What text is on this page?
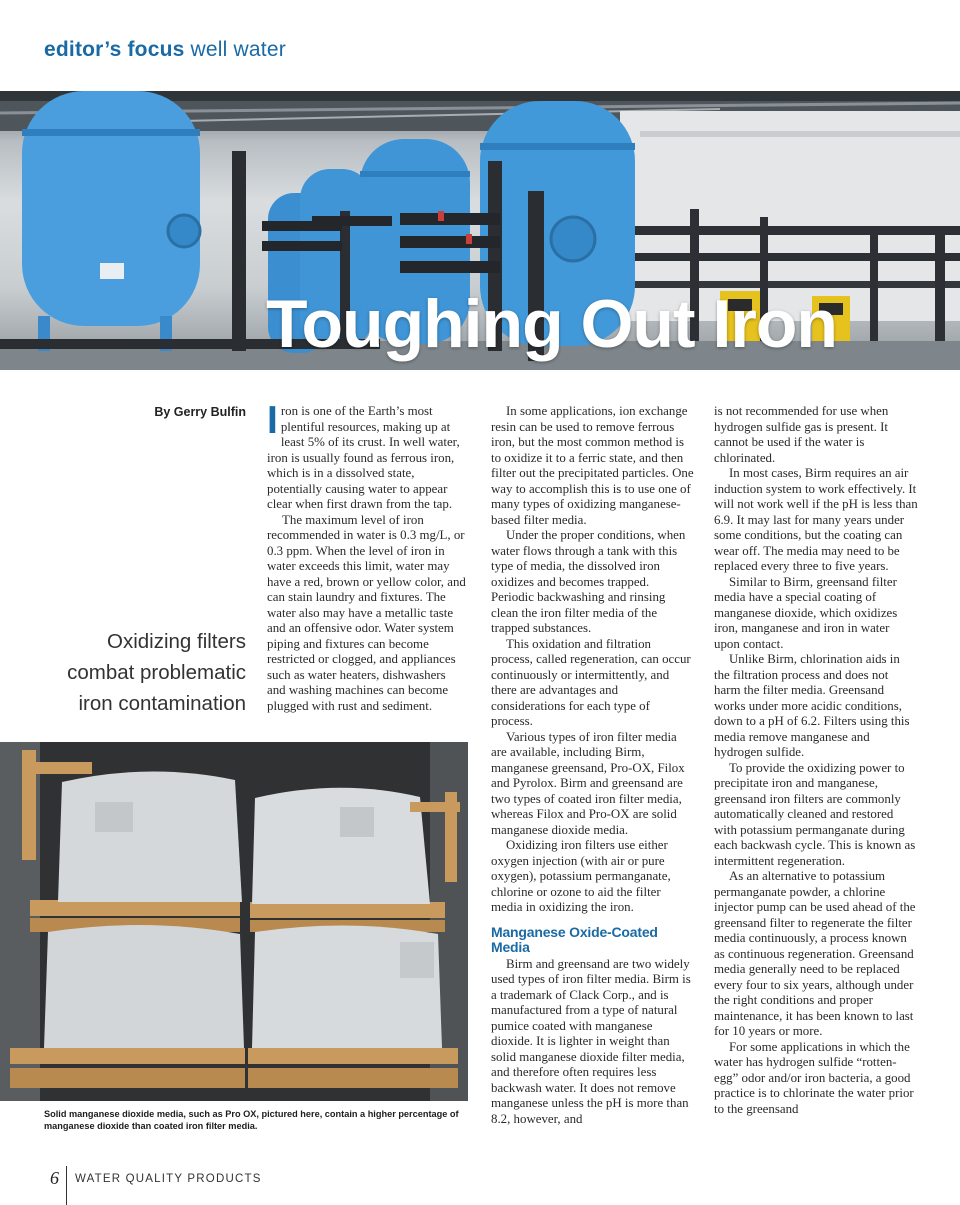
editor’s focus well water
Toughing Out Iron
By Gerry Bulfin
Oxidizing filters combat problematic iron contamination
I ron is one of the Earth’s most plentiful resources, making up at least 5% of its crust. In well water, iron is usually found as ferrous iron, which is in a dissolved state, potentially causing water to appear clear when first drawn from the tap.

The maximum level of iron recommended in water is 0.3 mg/L, or 0.3 ppm. When the level of iron in water exceeds this limit, water may have a red, brown or yellow color, and can stain laundry and fixtures. The water also may have a metallic taste and an offensive odor. Water system piping and fixtures can become restricted or clogged, and appliances such as water heaters, dishwashers and washing machines can become plugged with rust and sediment.

In some applications, ion exchange resin can be used to remove ferrous iron, but the most common method is to oxidize it to a ferric state, and then filter out the precipitated particles. One way to accomplish this is to use one of many types of oxidizing manganese-based filter media.

Under the proper conditions, when water flows through a tank with this type of media, the dissolved iron oxidizes and becomes trapped. Periodic backwashing and rinsing clean the iron filter media of the trapped substances.

This oxidation and filtration process, called regeneration, can occur continuously or intermittently, and there are advantages and considerations for each type of process.

Various types of iron filter media are available, including Birm, manganese greensand, Pro-OX, Filox and Pyrolox. Birm and greensand are two types of coated iron filter media, whereas Filox and Pro-OX are solid manganese dioxide media.

Oxidizing iron filters use either oxygen injection (with air or pure oxygen), potassium permanganate, chlorine or ozone to aid the filter media in oxidizing the iron.

Manganese Oxide-Coated Media

Birm and greensand are two widely used types of iron filter media. Birm is a trademark of Clack Corp., and is manufactured from a type of natural pumice coated with manganese dioxide. It is lighter in weight than solid manganese dioxide filter media, and therefore often requires less backwash water. It does not remove manganese unless the pH is more than 8.2, however, and

is not recommended for use when hydrogen sulfide gas is present. It cannot be used if the water is chlorinated.

In most cases, Birm requires an air induction system to work effectively. It will not work well if the pH is less than 6.9. It may last for many years under some conditions, but the coating can wear off. The media may need to be replaced every three to five years.

Similar to Birm, greensand filter media have a special coating of manganese dioxide, which oxidizes iron, manganese and iron in water upon contact.

Unlike Birm, chlorination aids in the filtration process and does not harm the filter media. Greensand works under more acidic conditions, down to a pH of 6.2. Filters using this media remove manganese and hydrogen sulfide.

To provide the oxidizing power to precipitate iron and manganese, greensand iron filters are commonly automatically cleaned and restored with potassium permanganate during each backwash cycle. This is known as intermittent regeneration.

As an alternative to potassium permanganate powder, a chlorine injector pump can be used ahead of the greensand filter to regenerate the filter media continuously, a process known as continuous regeneration. Greensand media generally need to be replaced every four to six years, although under the right conditions and proper maintenance, it has been known to last for 10 years or more.

For some applications in which the water has hydrogen sulfide “rotten-egg” odor and/or iron bacteria, a good practice is to chlorinate the water prior to the greensand

Solid manganese dioxide media, such as Pro OX, pictured here, contain a higher percentage of manganese dioxide than coated iron filter media.
6 WATER QUALITY PRODUCTS
